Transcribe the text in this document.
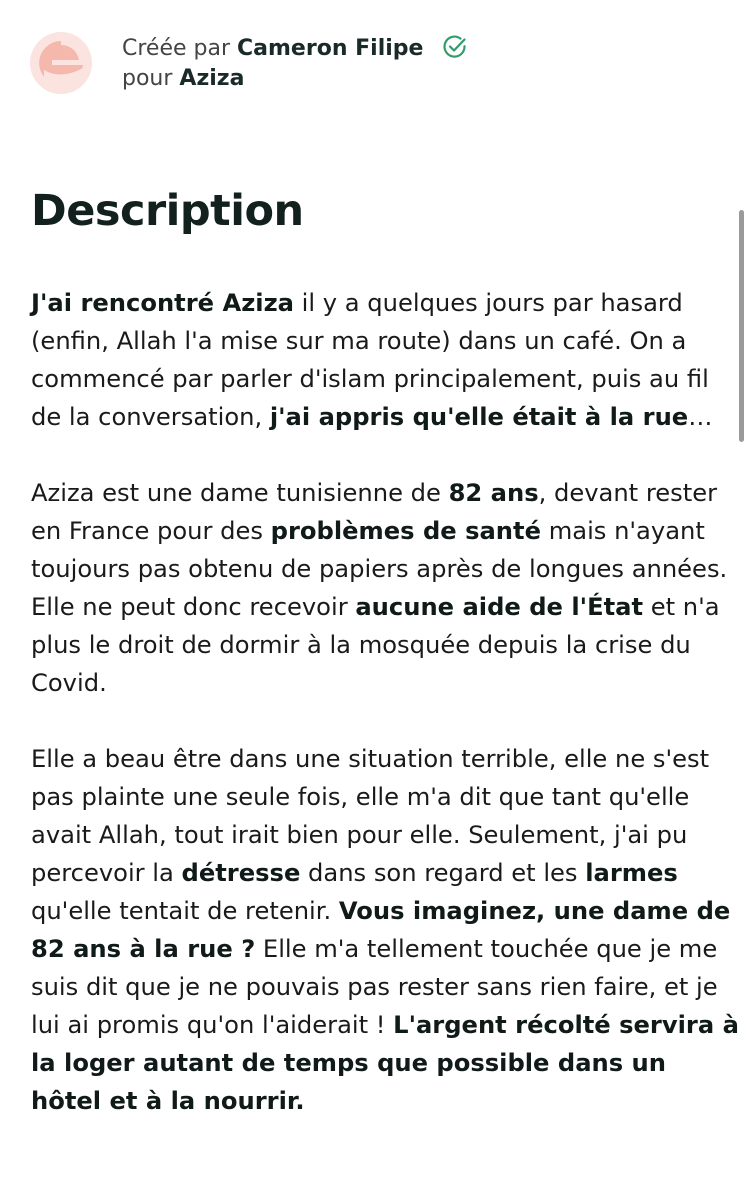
Créée par Cameron Filipe
pour Aziza
Description

J'ai rencontré Aziza il y a quelques jours par hasard (enfin, Allah l'a mise sur ma route) dans un café. On a commencé par parler d'islam principalement, puis au fil de la conversation, j'ai appris qu'elle était à la rue…

Aziza est une dame tunisienne de 82 ans, devant rester en France pour des problèmes de santé mais n'ayant toujours pas obtenu de papiers après de longues années. Elle ne peut donc recevoir aucune aide de l'État et n'a plus le droit de dormir à la mosquée depuis la crise du Covid.

Elle a beau être dans une situation terrible, elle ne s'est pas plainte une seule fois, elle m'a dit que tant qu'elle avait Allah, tout irait bien pour elle. Seulement, j'ai pu percevoir la détresse dans son regard et les larmes qu'elle tentait de retenir. Vous imaginez, une dame de 82 ans à la rue ? Elle m'a tellement touchée que je me suis dit que je ne pouvais pas rester sans rien faire, et je lui ai promis qu'on l'aiderait ! L'argent récolté servira à la loger autant de temps que possible dans un hôtel et à la nourrir.
